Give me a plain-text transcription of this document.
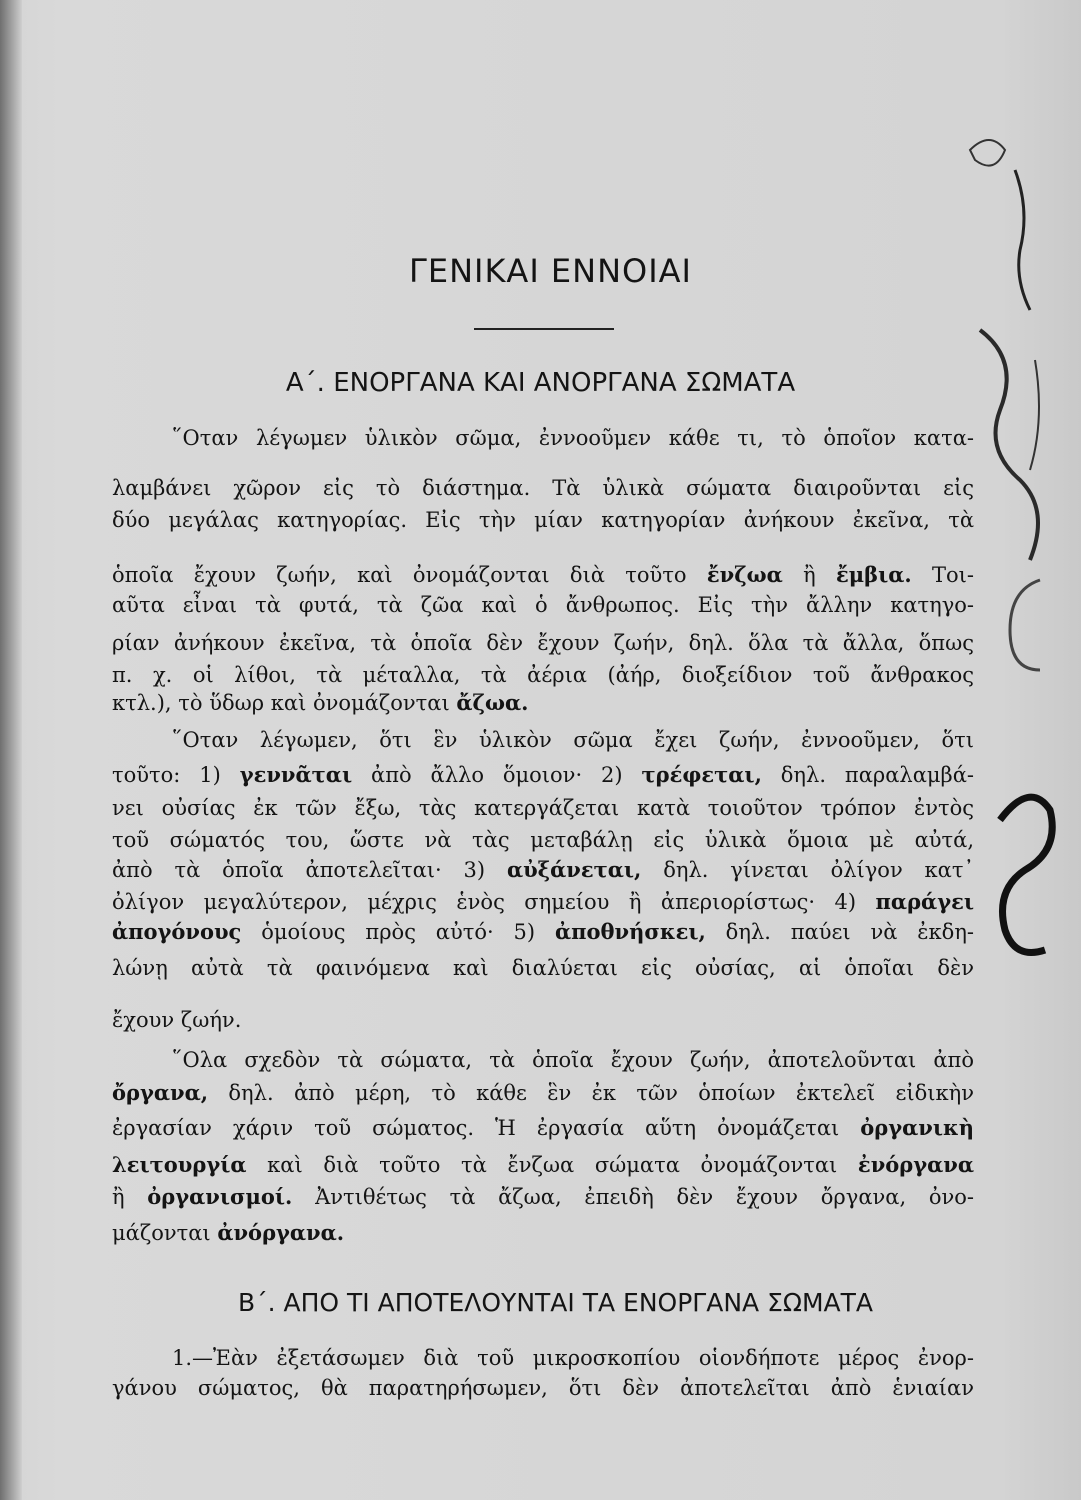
ΓΕΝΙΚΑΙ ΕΝΝΟΙΑΙ
Α΄. ΕΝΟΡΓΑΝΑ ΚΑΙ ΑΝΟΡΓΑΝΑ ΣΩΜΑΤΑ
῞Οταν λέγωμεν ὑλικὸν σῶμα, ἐννοοῦμεν κάθε τι, τὸ ὁποῖον κατα-
λαμβάνει χῶρον εἰς τὸ διάστημα. Τὰ ὑλικὰ σώματα διαιροῦνται εἰς
δύο μεγάλας κατηγορίας. Εἰς τὴν μίαν κατηγορίαν ἀνήκουν ἐκεῖνα, τὰ
ὁποῖα ἔχουν ζωήν, καὶ ὀνομάζονται διὰ τοῦτο ἔνζωα ἢ ἔμβια. Τοι-
αῦτα εἶναι τὰ φυτά, τὰ ζῶα καὶ ὁ ἄνθρωπος. Εἰς τὴν ἄλλην κατηγο-
ρίαν ἀνήκουν ἐκεῖνα, τὰ ὁποῖα δὲν ἔχουν ζωήν, δηλ. ὅλα τὰ ἄλλα, ὅπως
π. χ. οἱ λίθοι, τὰ μέταλλα, τὰ ἀέρια (ἀήρ, διοξείδιον τοῦ ἄνθρακος
κτλ.), τὸ ὕδωρ καὶ ὀνομάζονται ἄζωα.
῞Οταν λέγωμεν, ὅτι ἓν ὑλικὸν σῶμα ἔχει ζωήν, ἐννοοῦμεν, ὅτι
τοῦτο: 1) γεννᾶται ἀπὸ ἄλλο ὅμοιον· 2) τρέφεται, δηλ. παραλαμβά-
νει οὐσίας ἐκ τῶν ἔξω, τὰς κατεργάζεται κατὰ τοιοῦτον τρόπον ἐντὸς
τοῦ σώματός του, ὥστε νὰ τὰς μεταβάλῃ εἰς ὑλικὰ ὅμοια μὲ αὐτά,
ἀπὸ τὰ ὁποῖα ἀποτελεῖται· 3) αὐξάνεται, δηλ. γίνεται ὀλίγον κατ᾽
ὀλίγον μεγαλύτερον, μέχρις ἑνὸς σημείου ἢ ἀπεριορίστως· 4) παράγει
ἀπογόνους ὁμοίους πρὸς αὐτό· 5) ἀποθνήσκει, δηλ. παύει νὰ ἐκδη-
λώνῃ αὐτὰ τὰ φαινόμενα καὶ διαλύεται εἰς οὐσίας, αἱ ὁποῖαι δὲν
ἔχουν ζωήν.
῞Ολα σχεδὸν τὰ σώματα, τὰ ὁποῖα ἔχουν ζωήν, ἀποτελοῦνται ἀπὸ
ὄργανα, δηλ. ἀπὸ μέρη, τὸ κάθε ἓν ἐκ τῶν ὁποίων ἐκτελεῖ εἰδικὴν
ἐργασίαν χάριν τοῦ σώματος. Ἡ ἐργασία αὕτη ὀνομάζεται ὀργανικὴ
λειτουργία καὶ διὰ τοῦτο τὰ ἔνζωα σώματα ὀνομάζονται ἐνόργανα
ἢ ὀργανισμοί. Ἀντιθέτως τὰ ἄζωα, ἐπειδὴ δὲν ἔχουν ὄργανα, ὀνο-
μάζονται ἀνόργανα.
Β΄. ΑΠΟ ΤΙ ΑΠΟΤΕΛΟΥΝΤΑΙ ΤΑ ΕΝΟΡΓΑΝΑ ΣΩΜΑΤΑ
1.—Ἐὰν ἐξετάσωμεν διὰ τοῦ μικροσκοπίου οἱονδήποτε μέρος ἐνορ-
γάνου σώματος, θὰ παρατηρήσωμεν, ὅτι δὲν ἀποτελεῖται ἀπὸ ἑνιαίαν
